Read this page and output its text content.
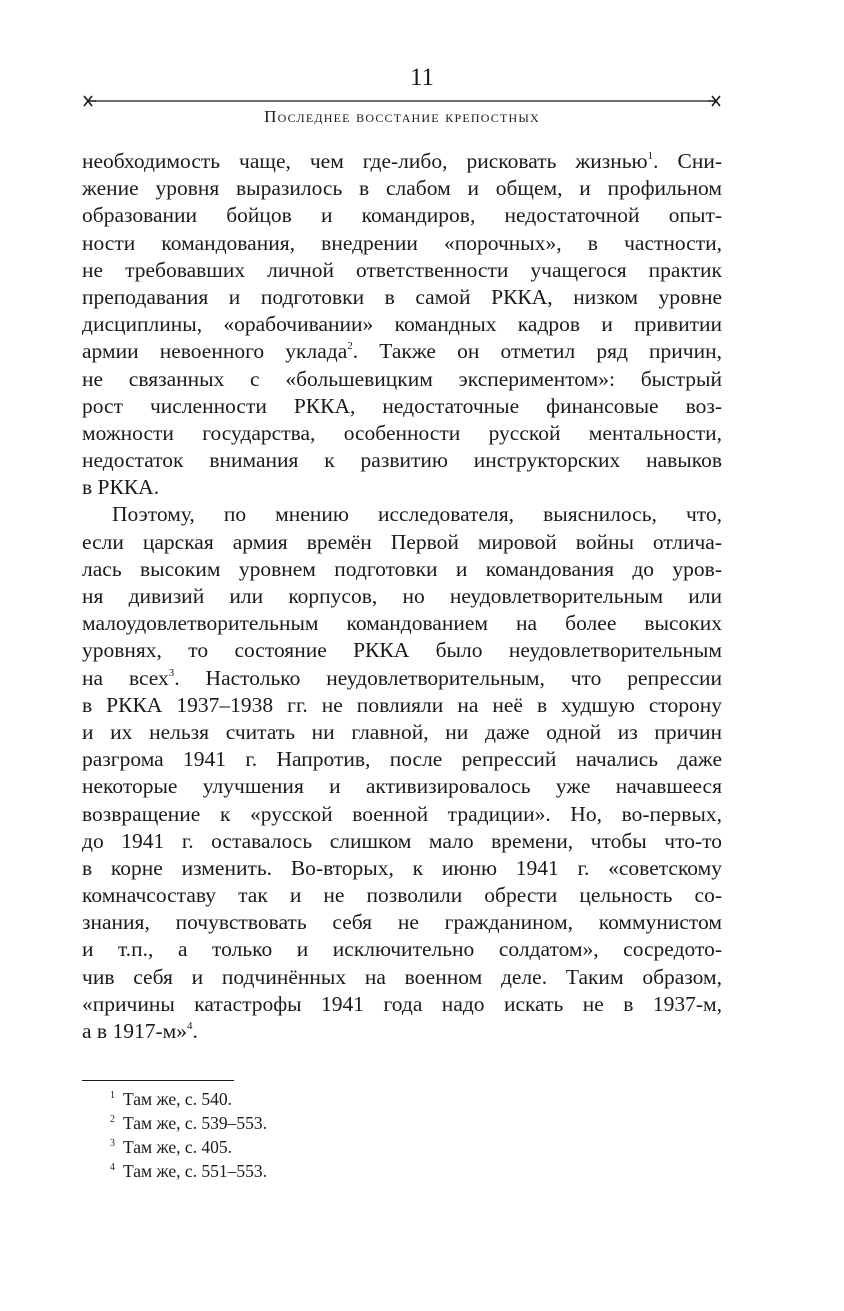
11
Последнее восстание крепостных
необходимость чаще, чем где-либо, рисковать жизнью$^1$. Сни-
жение уровня выразилось в слабом и общем, и профильном
образовании бойцов и командиров, недостаточной опыт-
ности командования, внедрении «порочных», в частности,
не требовавших личной ответственности учащегося практик
преподавания и подготовки в самой РККА, низком уровне
дисциплины, «орабочивании» командных кадров и привитии
армии невоенного уклада$^2$. Также он отметил ряд причин,
не связанных с «большевицким экспериментом»: быстрый
рост численности РККА, недостаточные финансовые воз-
можности государства, особенности русской ментальности,
недостаток внимания к развитию инструкторских навыков
в РККА.
Поэтому, по мнению исследователя, выяснилось, что,
если царская армия времён Первой мировой войны отлича-
лась высоким уровнем подготовки и командования до уров-
ня дивизий или корпусов, но неудовлетворительным или
малоудовлетворительным командованием на более высоких
уровнях, то состояние РККА было неудовлетворительным
на всех$^3$. Настолько неудовлетворительным, что репрессии
в РККА 1937–1938 гг. не повлияли на неё в худшую сторону
и их нельзя считать ни главной, ни даже одной из причин
разгрома 1941 г. Напротив, после репрессий начались даже
некоторые улучшения и активизировалось уже начавшееся
возвращение к «русской военной традиции». Но, во-первых,
до 1941 г. оставалось слишком мало времени, чтобы что-то
в корне изменить. Во-вторых, к июню 1941 г. «советскому
комначсоставу так и не позволили обрести цельность со-
знания, почувствовать себя не гражданином, коммунистом
и т.п., а только и исключительно солдатом», сосредото-
чив себя и подчинённых на военном деле. Таким образом,
«причины катастрофы 1941 года надо искать не в 1937-м,
а в 1917-м»$^4$.
$^1$ Там же, с. 540.
$^2$ Там же, с. 539–553.
$^3$ Там же, с. 405.
$^4$ Там же, с. 551–553.
